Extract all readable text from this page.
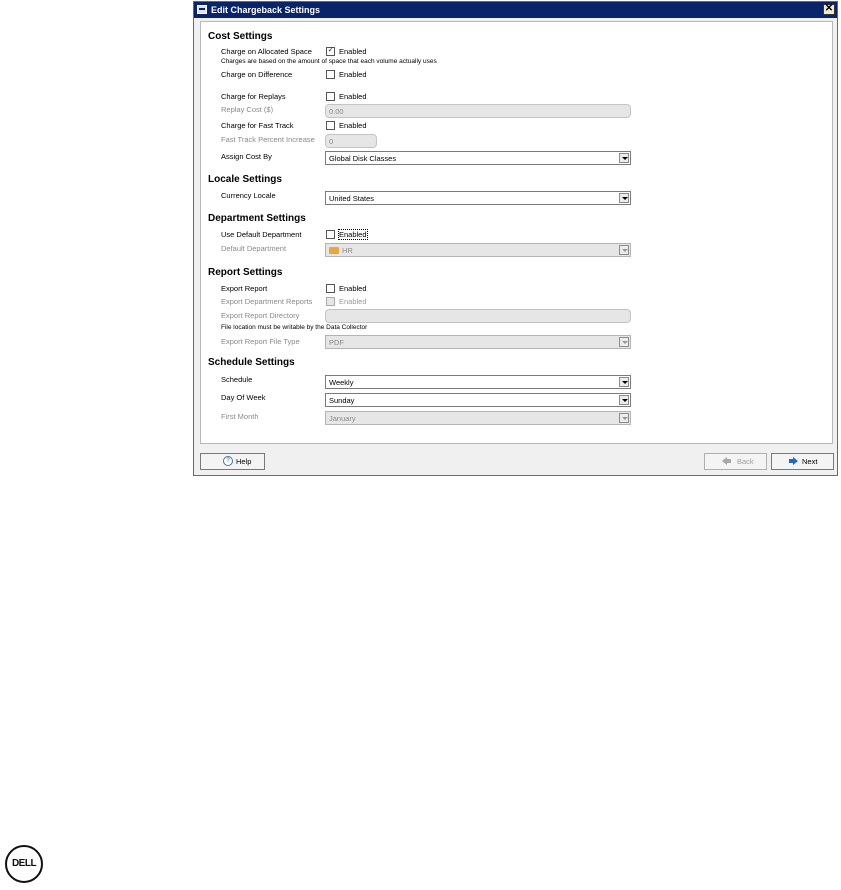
Edit Chargeback Settings	✕
Cost Settings
Charge on Allocated Space ✓ Enabled
Charges are based on the amount of space that each volume actually uses
Charge on Difference	Enabled
Charge for Replays	Enabled
Replay Cost ($)	0.00
Charge for Fast Track	Enabled
Fast Track Percent Increase	0
Assign Cost By	Global Disk Classes
Locale Settings
Currency Locale	United States
Department Settings
Use Default Department	Enabled
Default Department	HR
Report Settings
Export Report	Enabled
Export Department Reports	Enabled
Export Report Directory
File location must be writable by the Data Collector
Export Report File Type	PDF
Schedule Settings
Schedule	Weekly
Day Of Week	Sunday
First Month	January
? Help	Back	Next
DELL
